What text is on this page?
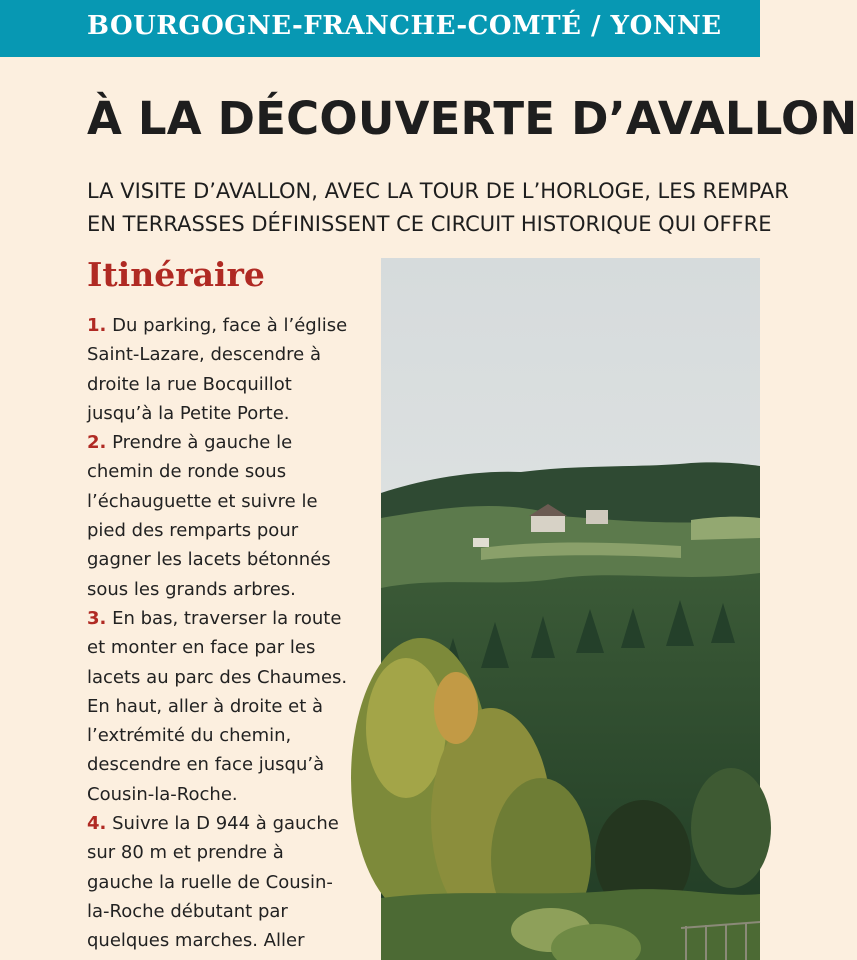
BOURGOGNE-FRANCHE-COMTÉ / YONNE
À LA DÉCOUVERTE D’AVALLON
LA VISITE D’AVALLON, AVEC LA TOUR DE L’HORLOGE, LES REMPAR
EN TERRASSES DÉFINISSENT CE CIRCUIT HISTORIQUE QUI OFFRE
Itinéraire
1. Du parking, face à l’église
Saint-Lazare, descendre à
droite la rue Bocquillot
jusqu’à la Petite Porte.
2. Prendre à gauche le
chemin de ronde sous
l’échauguette et suivre le
pied des remparts pour
gagner les lacets bétonnés
sous les grands arbres.
3. En bas, traverser la route
et monter en face par les
lacets au parc des Chaumes.
En haut, aller à droite et à
l’extrémité du chemin,
descendre en face jusqu’à
Cousin-la-Roche.
4. Suivre la D 944 à gauche
sur 80 m et prendre à
gauche la ruelle de Cousin-
la-Roche débutant par
quelques marches. Aller
